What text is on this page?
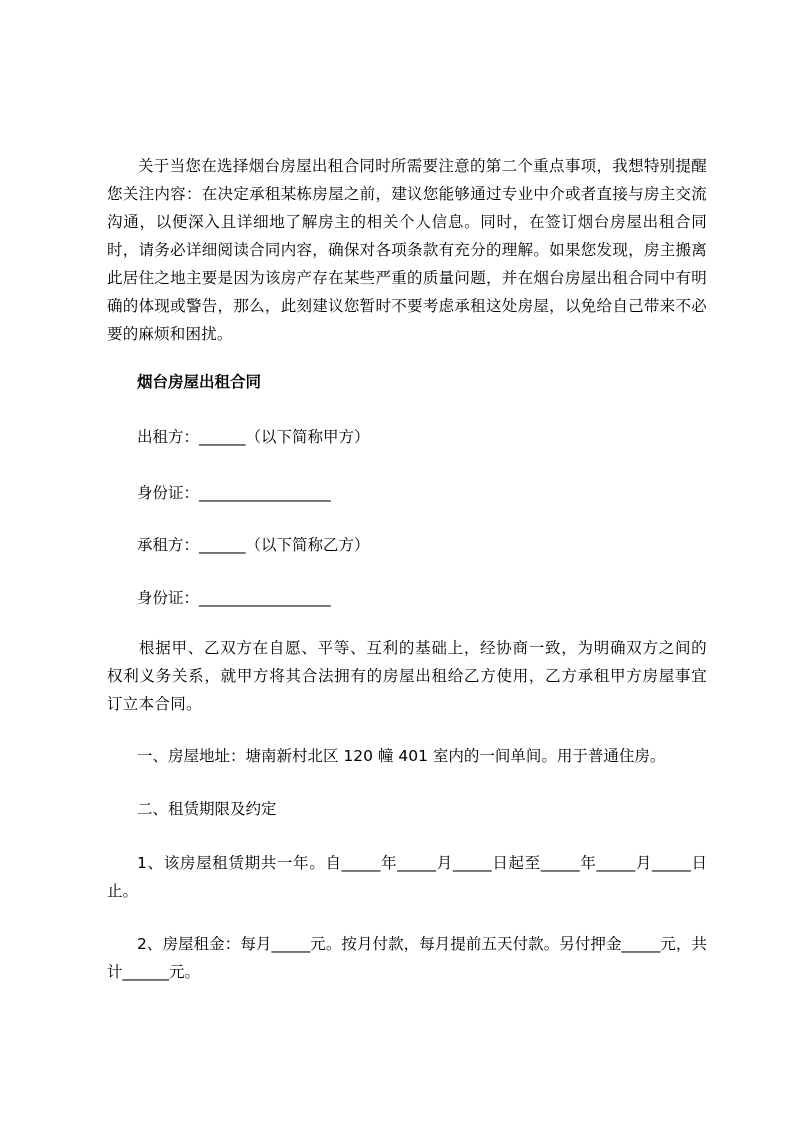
关于当您在选择烟台房屋出租合同时所需要注意的第二个重点事项，我想特别提醒您关注内容：在决定承租某栋房屋之前，建议您能够通过专业中介或者直接与房主交流沟通，以便深入且详细地了解房主的相关个人信息。同时，在签订烟台房屋出租合同时，请务必详细阅读合同内容，确保对各项条款有充分的理解。如果您发现，房主搬离此居住之地主要是因为该房产存在某些严重的质量问题，并在烟台房屋出租合同中有明确的体现或警告，那么，此刻建议您暂时不要考虑承租这处房屋，以免给自己带来不必要的麻烦和困扰。

烟台房屋出租合同

出租方：______（以下简称甲方）

身份证：_________________

承租方：______（以下简称乙方）

身份证：_________________

根据甲、乙双方在自愿、平等、互利的基础上，经协商一致，为明确双方之间的权利义务关系，就甲方将其合法拥有的房屋出租给乙方使用，乙方承租甲方房屋事宜订立本合同。

一、房屋地址：塘南新村北区 120 幢 401 室内的一间单间。用于普通住房。

二、租赁期限及约定

1、该房屋租赁期共一年。自_____年_____月_____日起至_____年_____月_____日止。

2、房屋租金：每月_____元。按月付款，每月提前五天付款。另付押金_____元，共计______元。
